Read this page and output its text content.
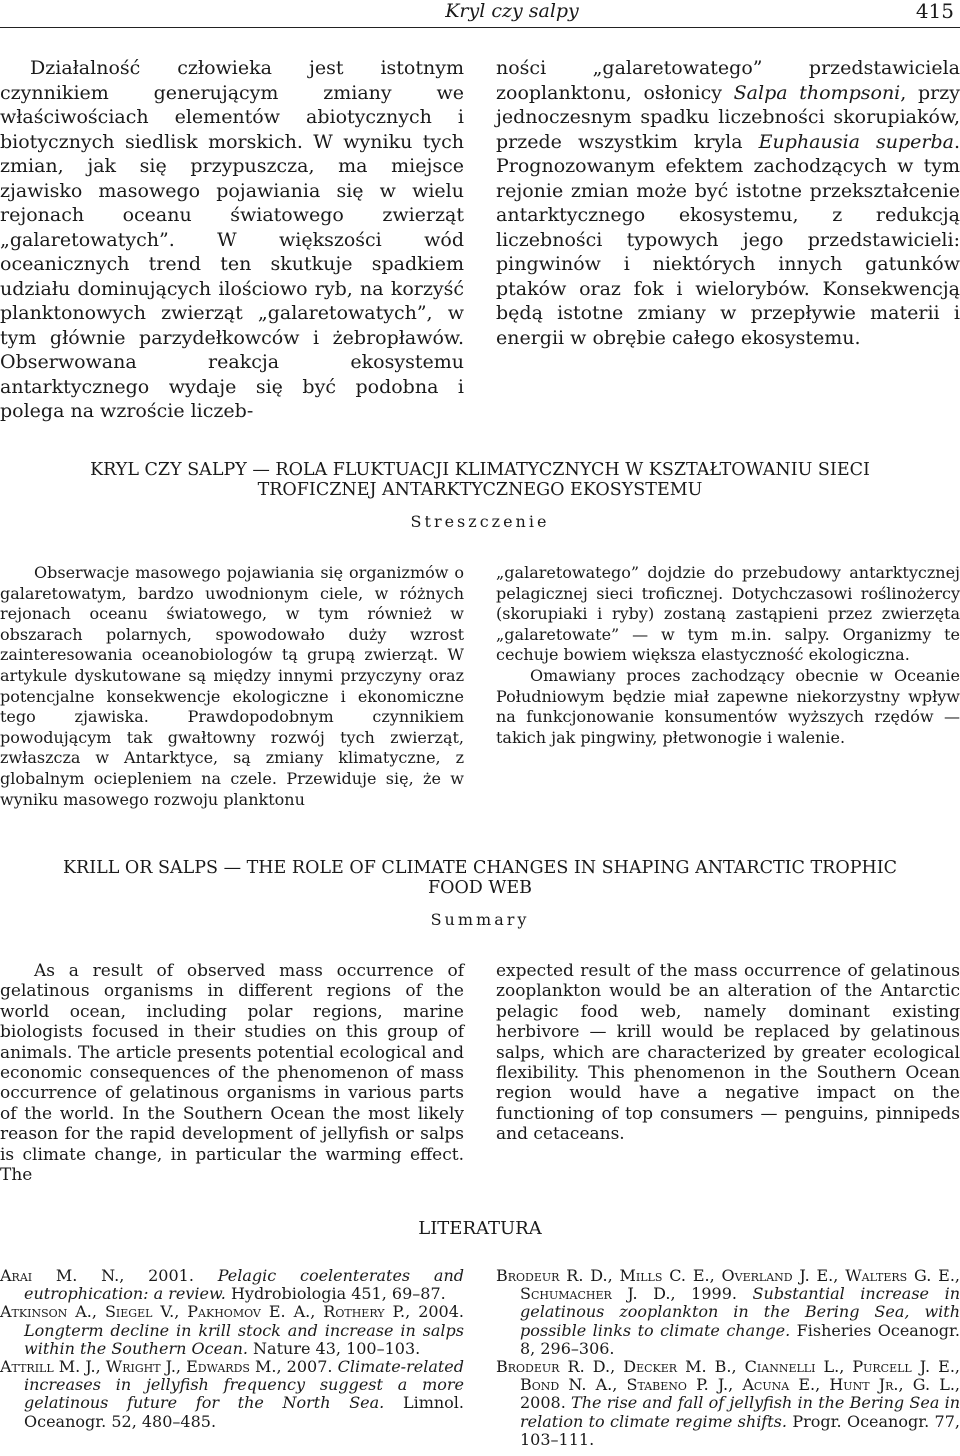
Kryl czy salpy	415

Działalność człowieka jest istotnym czynnikiem generującym zmiany we właściwościach elementów abiotycznych i biotycznych siedlisk morskich. W wyniku tych zmian, jak się przypuszcza, ma miejsce zjawisko masowego pojawiania się w wielu rejonach oceanu światowego zwierząt „galaretowatych”. W większości wód oceanicznych trend ten skutkuje spadkiem udziału dominujących ilościowo ryb, na korzyść planktonowych zwierząt „galaretowatych”, w tym głównie parzydełkowców i żebropławów. Obserwowana reakcja ekosystemu antarktycznego wydaje się być podobna i polega na wzroście liczeb-

ności „galaretowatego” przedstawiciela zooplanktonu, osłonicy Salpa thompsoni, przy jednoczesnym spadku liczebności skorupiaków, przede wszystkim kryla Euphausia superba. Prognozowanym efektem zachodzących w tym rejonie zmian może być istotne przekształcenie antarktycznego ekosystemu, z redukcją liczebności typowych jego przedstawicieli: pingwinów i niektórych innych gatunków ptaków oraz fok i wielorybów. Konsekwencją będą istotne zmiany w przepływie materii i energii w obrębie całego ekosystemu.

KRYL CZY SALPY — ROLA FLUKTUACJI KLIMATYCZNYCH W KSZTAŁTOWANIU SIECI
TROFICZNEJ ANTARKTYCZNEGO EKOSYSTEMU
Streszczenie

Obserwacje masowego pojawiania się organizmów o galaretowatym, bardzo uwodnionym ciele, w różnych rejonach oceanu światowego, w tym również w obszarach polarnych, spowodowało duży wzrost zainteresowania oceanobiologów tą grupą zwierząt. W artykule dyskutowane są między innymi przyczyny oraz potencjalne konsekwencje ekologiczne i ekonomiczne tego zjawiska. Prawdopodobnym czynnikiem powodującym tak gwałtowny rozwój tych zwierząt, zwłaszcza w Antarktyce, są zmiany klimatyczne, z globalnym ociepleniem na czele. Przewiduje się, że w wyniku masowego rozwoju planktonu

„galaretowatego” dojdzie do przebudowy antarktycznej pelagicznej sieci troficznej. Dotychczasowi roślinożercy (skorupiaki i ryby) zostaną zastąpieni przez zwierzęta „galaretowate” — w tym m.in. salpy. Organizmy te cechuje bowiem większa elastyczność ekologiczna.

Omawiany proces zachodzący obecnie w Oceanie Południowym będzie miał zapewne niekorzystny wpływ na funkcjonowanie konsumentów wyższych rzędów — takich jak pingwiny, płetwonogie i walenie.

KRILL OR SALPS — THE ROLE OF CLIMATE CHANGES IN SHAPING ANTARCTIC TROPHIC
FOOD WEB
Summary

As a result of observed mass occurrence of gelatinous organisms in different regions of the world ocean, including polar regions, marine biologists focused in their studies on this group of animals. The article presents potential ecological and economic consequences of the phenomenon of mass occurrence of gelatinous organisms in various parts of the world. In the Southern Ocean the most likely reason for the rapid development of jellyfish or salps is climate change, in particular the warming effect. The

expected result of the mass occurrence of gelatinous zooplankton would be an alteration of the Antarctic pelagic food web, namely dominant existing herbivore — krill would be replaced by gelatinous salps, which are characterized by greater ecological flexibility. This phenomenon in the Southern Ocean region would have a negative impact on the functioning of top consumers — penguins, pinnipeds and cetaceans.

LITERATURA

Arai M. N., 2001. Pelagic coelenterates and eutrophication: a review. Hydrobiologia 451, 69–87.

Atkinson A., Siegel V., Pakhomov E. A., Rothery P., 2004. Longterm decline in krill stock and increase in salps within the Southern Ocean. Nature 43, 100–103.

Attrill M. J., Wright J., Edwards M., 2007. Climate-related increases in jellyfish frequency suggest a more gelatinous future for the North Sea. Limnol. Oceanogr. 52, 480–485.

Brodeur R. D., Mills C. E., Overland J. E., Walters G. E., Schumacher J. D., 1999. Substantial increase in gelatinous zooplankton in the Bering Sea, with possible links to climate change. Fisheries Oceanogr. 8, 296–306.

Brodeur R. D., Decker M. B., Ciannelli L., Purcell J. E., Bond N. A., Stabeno P. J., Acuna E., Hunt Jr., G. L., 2008. The rise and fall of jellyfish in the Bering Sea in relation to climate regime shifts. Progr. Oceanogr. 77, 103–111.
